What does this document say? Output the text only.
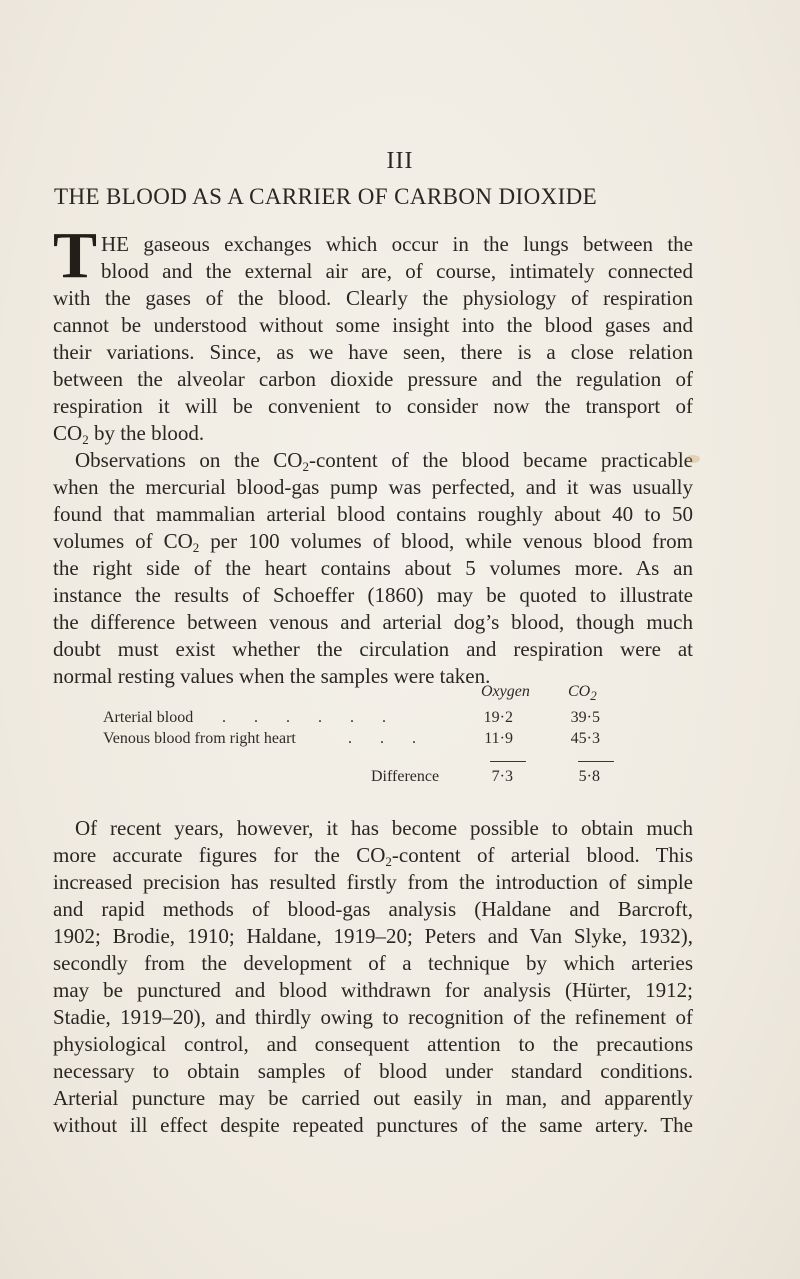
III
THE BLOOD AS A CARRIER OF CARBON DIOXIDE
T HE gaseous exchanges which occur in the lungs between the
blood and the external air are, of course, intimately connected
with the gases of the blood. Clearly the physiology of respiration
cannot be understood without some insight into the blood gases and
their variations. Since, as we have seen, there is a close relation
between the alveolar carbon dioxide pressure and the regulation of
respiration it will be convenient to consider now the transport of
$CO_2$ by the blood.
Observations on the $CO_2$-content of the blood became practicable
when the mercurial blood-gas pump was perfected, and it was usually
found that mammalian arterial blood contains roughly about 40 to 50
volumes of $CO_2$ per 100 volumes of blood, while venous blood from
the right side of the heart contains about 5 volumes more. As an
instance the results of Schoeffer (1860) may be quoted to illustrate
the difference between venous and arterial dog’s blood, though much
doubt must exist whether the circulation and respiration were at
normal resting values when the samples were taken.
Oxygen $CO_2$
Arterial blood .       .       .       .       .       .	19·2	39·5
Venous blood from right heart	.       .       .	11·9	45·3
Difference	7·3	5·8
Of recent years, however, it has become possible to obtain much
more accurate figures for the $CO_2$-content of arterial blood. This
increased precision has resulted firstly from the introduction of simple
and rapid methods of blood-gas analysis (Haldane and Barcroft,
1902; Brodie, 1910; Haldane, 1919–20; Peters and Van Slyke, 1932),
secondly from the development of a technique by which arteries
may be punctured and blood withdrawn for analysis (Hürter, 1912;
Stadie, 1919–20), and thirdly owing to recognition of the refinement of
physiological control, and consequent attention to the precautions
necessary to obtain samples of blood under standard conditions.
Arterial puncture may be carried out easily in man, and apparently
without ill effect despite repeated punctures of the same artery. The
